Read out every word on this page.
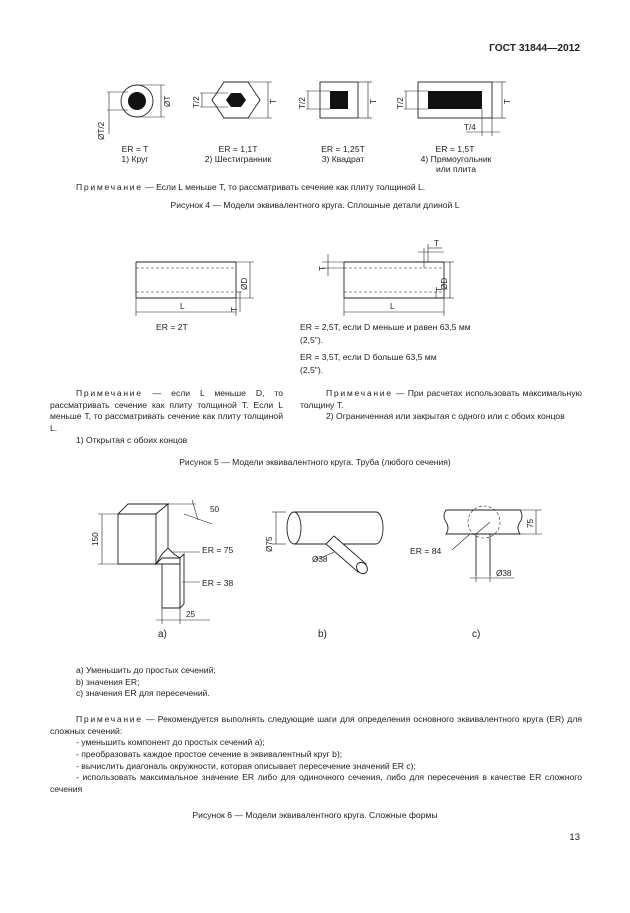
ГОСТ 31844—2012
ØT
ØT/2
ER = T
1) Круг
T/2	T
ER = 1,1T
2) Шестигранник
T/2	T
ER = 1,25T
3) Квадрат
T/2	T
T/4
ER = 1,5T
4) Прямоугольник
или плита
Примечание — Если L меньше T, то рассматривать сечение как плиту толщиной L.
Рисунок 4 — Модели эквивалентного круга. Сплошные детали длиной L
L
ØD
T
ER = 2T
T
T
ØD
T
L
ER = 2,5T, если D меньше и равен 63,5 мм
(2,5").
ER = 3,5T, если D больше 63,5 мм
(2,5").

Примечание — если L меньше D, то рассматривать сечение как плиту толщиной T. Если L меньше T, то рассматривать сечение как плиту толщиной L.

1) Открытая с обоих концов

Примечание — При расчетах использовать максимальную толщину T.

2) Ограниченная или закрытая с одного или с обоих концов

Рисунок 5 — Модели эквивалентного круга. Труба (любого сечения)
150
50
25
ER = 75
ER = 38
a)
Ø75
Ø38
b)
75
Ø38
ER = 84
c)

a) Уменьшить до простых сечений;

b) значения ER;

c) значения ER для пересечений.

Примечание — Рекомендуется выполнять следующие шаги для определения основного эквивалентного круга (ER) для сложных сечений:

- уменьшить компонент до простых сечений a);

- преобразовать каждое простое сечение в эквивалентный круг b);

- вычислить диагональ окружности, которая описывает пересечение значений ER c);

- использовать максимальное значение ER либо для одиночного сечения, либо для пересечения в качестве ER сложного сечения

Рисунок 6 — Модели эквивалентного круга. Сложные формы
13
